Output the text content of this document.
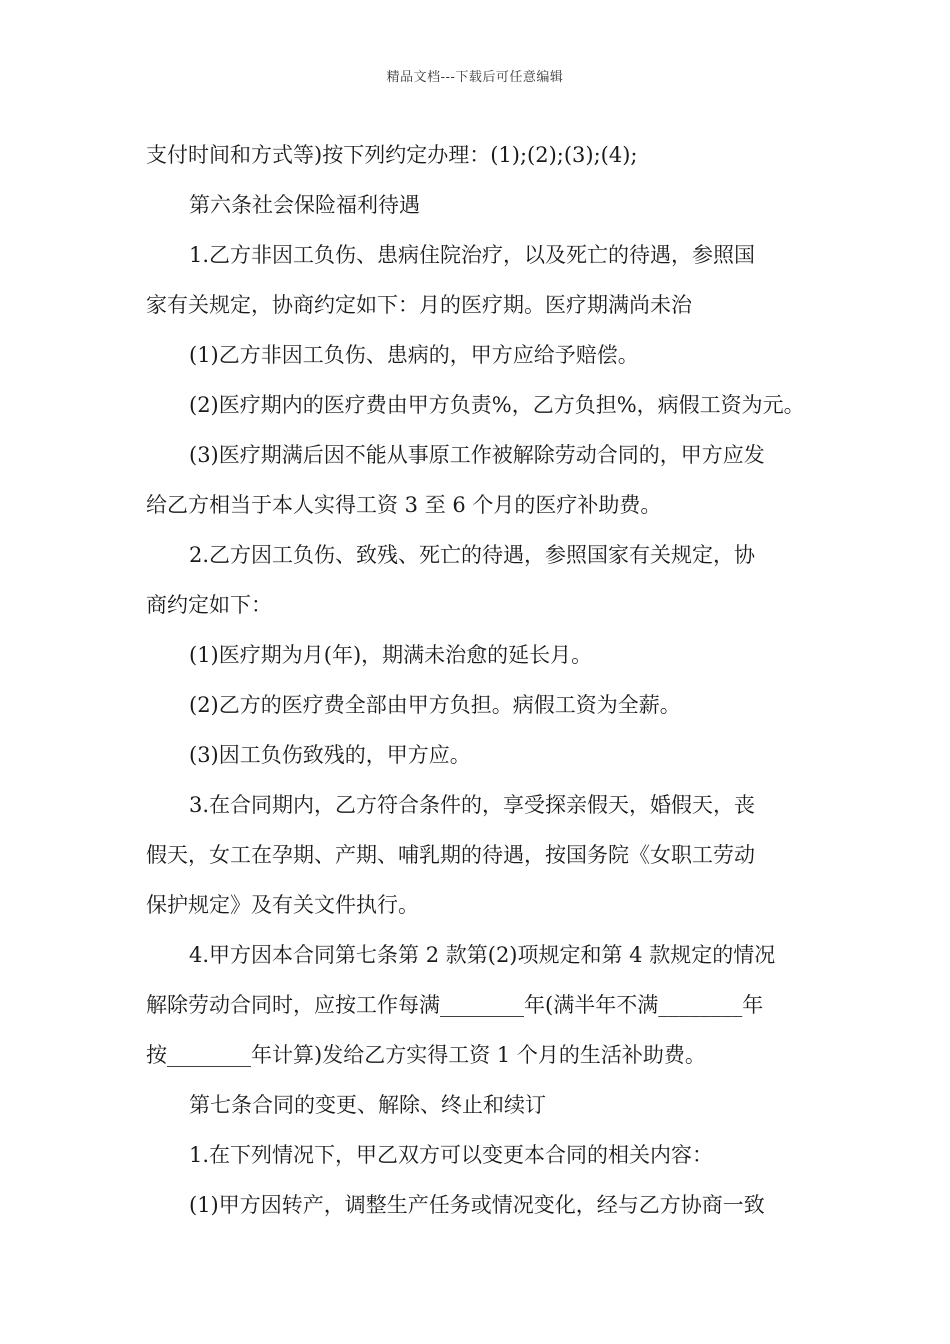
精品文档---下载后可任意编辑
支付时间和方式等)按下列约定办理：(1);(2);(3);(4);
第六条社会保险福利待遇
1.乙方非因工负伤、患病住院治疗，以及死亡的待遇，参照国
家有关规定，协商约定如下：月的医疗期。医疗期满尚未治
(1)乙方非因工负伤、患病的，甲方应给予赔偿。
(2)医疗期内的医疗费由甲方负责%，乙方负担%，病假工资为元。
(3)医疗期满后因不能从事原工作被解除劳动合同的，甲方应发
给乙方相当于本人实得工资 3 至 6 个月的医疗补助费。
2.乙方因工负伤、致残、死亡的待遇，参照国家有关规定，协
商约定如下：
(1)医疗期为月(年)，期满未治愈的延长月。
(2)乙方的医疗费全部由甲方负担。病假工资为全薪。
(3)因工负伤致残的，甲方应。
3.在合同期内，乙方符合条件的，享受探亲假天，婚假天，丧
假天，女工在孕期、产期、哺乳期的待遇，按国务院《女职工劳动
保护规定》及有关文件执行。
4.甲方因本合同第七条第 2 款第(2)项规定和第 4 款规定的情况
解除劳动合同时，应按工作每满________年(满半年不满________年
按________年计算)发给乙方实得工资 1 个月的生活补助费。
第七条合同的变更、解除、终止和续订
1.在下列情况下，甲乙双方可以变更本合同的相关内容：
(1)甲方因转产，调整生产任务或情况变化，经与乙方协商一致
